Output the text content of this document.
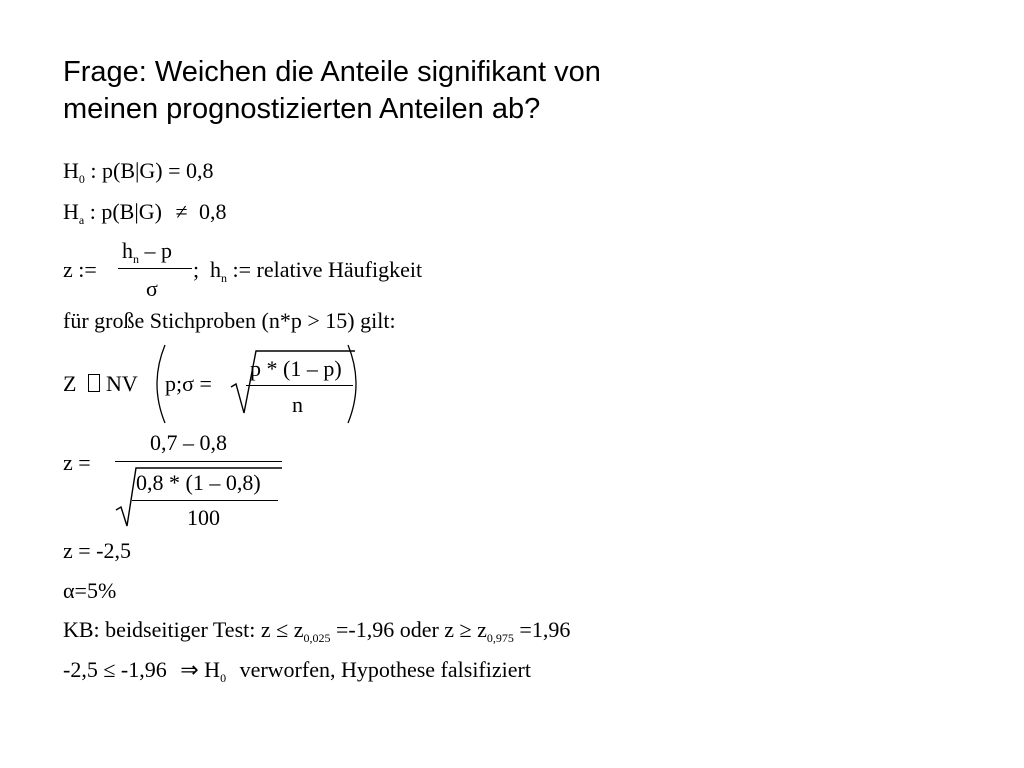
Frage: Weichen die Anteile signifikant von
meinen prognostizierten Anteilen ab?
$H_0$ : p(B|G) = 0,8
$H_a$ : p(B|G) ≠ 0,8
z :=
$h_n$ – p
σ
; $h_n$ := relative Häufigkeit
für große Stichproben (n*p > 15) gilt:
Z NV p;σ =
p * (1 – p)
n
z =
0,7 – 0,8
0,8 * (1 – 0,8)
100
z = -2,5
α=5%
KB: beidseitiger Test: $z \le z_{0,025} =-1,96$ oder $z \ge z_{0,975} =1,96$
-2,5 ≤ -1,96 ⇒ $H_0$ verworfen, Hypothese falsifiziert
